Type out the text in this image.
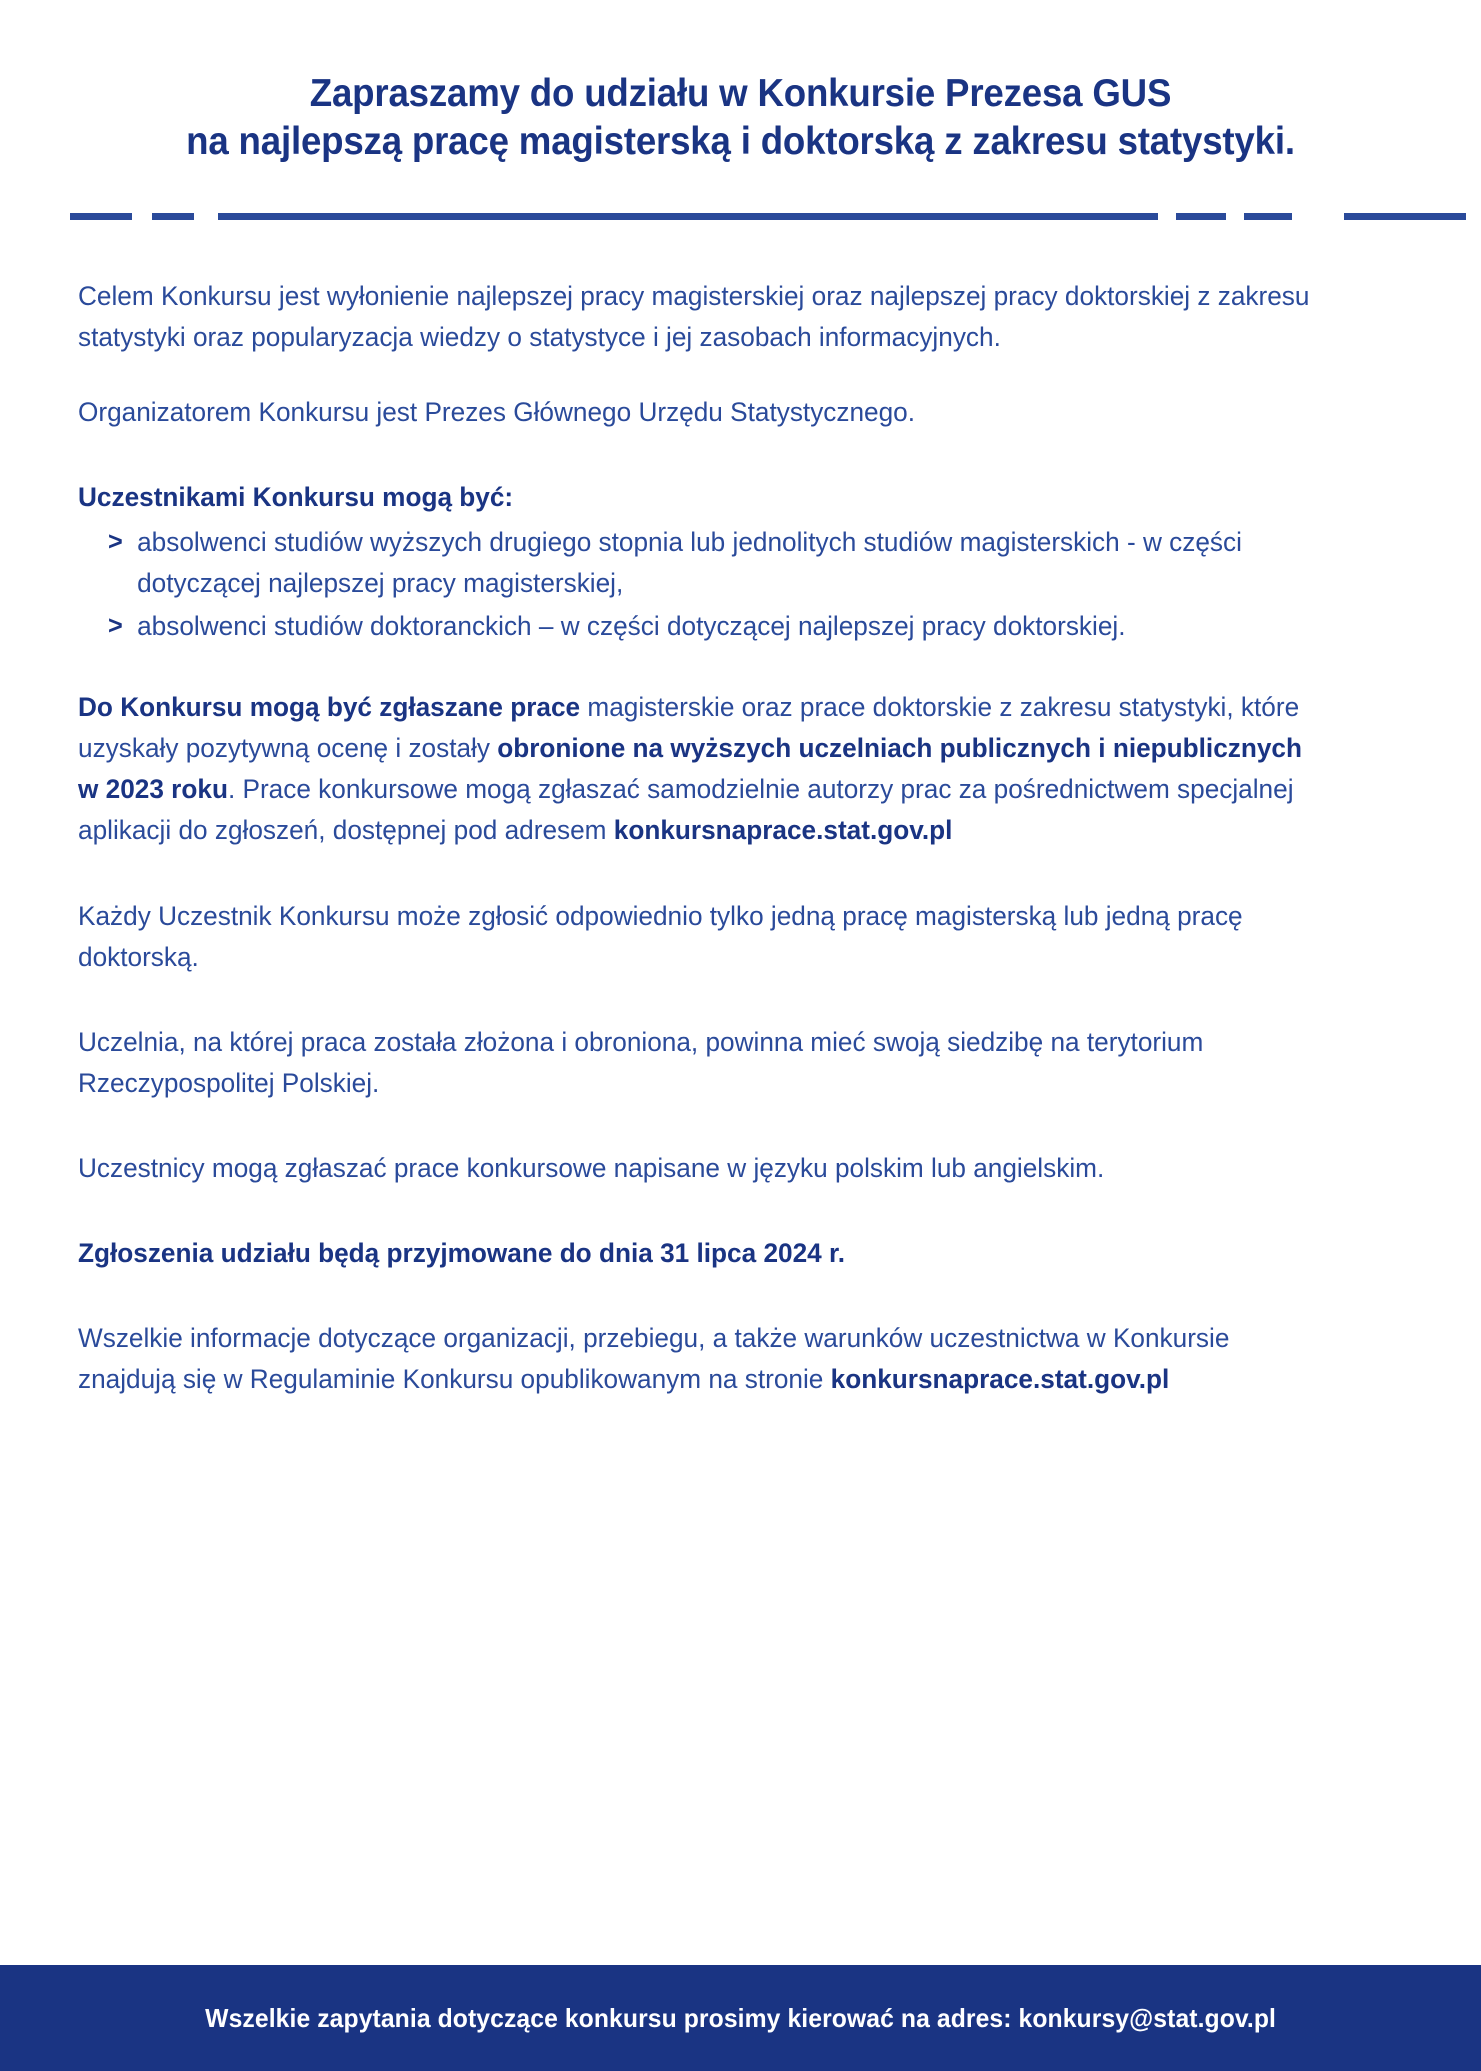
Zapraszamy do udziału w Konkursie Prezesa GUS
na najlepszą pracę magisterską i doktorską z zakresu statystyki.

Celem Konkursu jest wyłonienie najlepszej pracy magisterskiej oraz najlepszej pracy doktorskiej z zakresu statystyki oraz popularyzacja wiedzy o statystyce i jej zasobach informacyjnych.

Organizatorem Konkursu jest Prezes Głównego Urzędu Statystycznego.

Uczestnikami Konkursu mogą być:
> absolwenci studiów wyższych drugiego stopnia lub jednolitych studiów magisterskich - w części dotyczącej najlepszej pracy magisterskiej,
> absolwenci studiów doktoranckich – w części dotyczącej najlepszej pracy doktorskiej.

Do Konkursu mogą być zgłaszane prace magisterskie oraz prace doktorskie z zakresu statystyki, które uzyskały pozytywną ocenę i zostały obronione na wyższych uczelniach publicznych i niepublicznych w 2023 roku. Prace konkursowe mogą zgłaszać samodzielnie autorzy prac za pośrednictwem specjalnej aplikacji do zgłoszeń, dostępnej pod adresem konkursnaprace.stat.gov.pl

Każdy Uczestnik Konkursu może zgłosić odpowiednio tylko jedną pracę magisterską lub jedną pracę doktorską.

Uczelnia, na której praca została złożona i obroniona, powinna mieć swoją siedzibę na terytorium Rzeczypospolitej Polskiej.

Uczestnicy mogą zgłaszać prace konkursowe napisane w języku polskim lub angielskim.

Zgłoszenia udziału będą przyjmowane do dnia 31 lipca 2024 r.

Wszelkie informacje dotyczące organizacji, przebiegu, a także warunków uczestnictwa w Konkursie znajdują się w Regulaminie Konkursu opublikowanym na stronie konkursnaprace.stat.gov.pl

Wszelkie zapytania dotyczące konkursu prosimy kierować na adres: konkursy@stat.gov.pl
